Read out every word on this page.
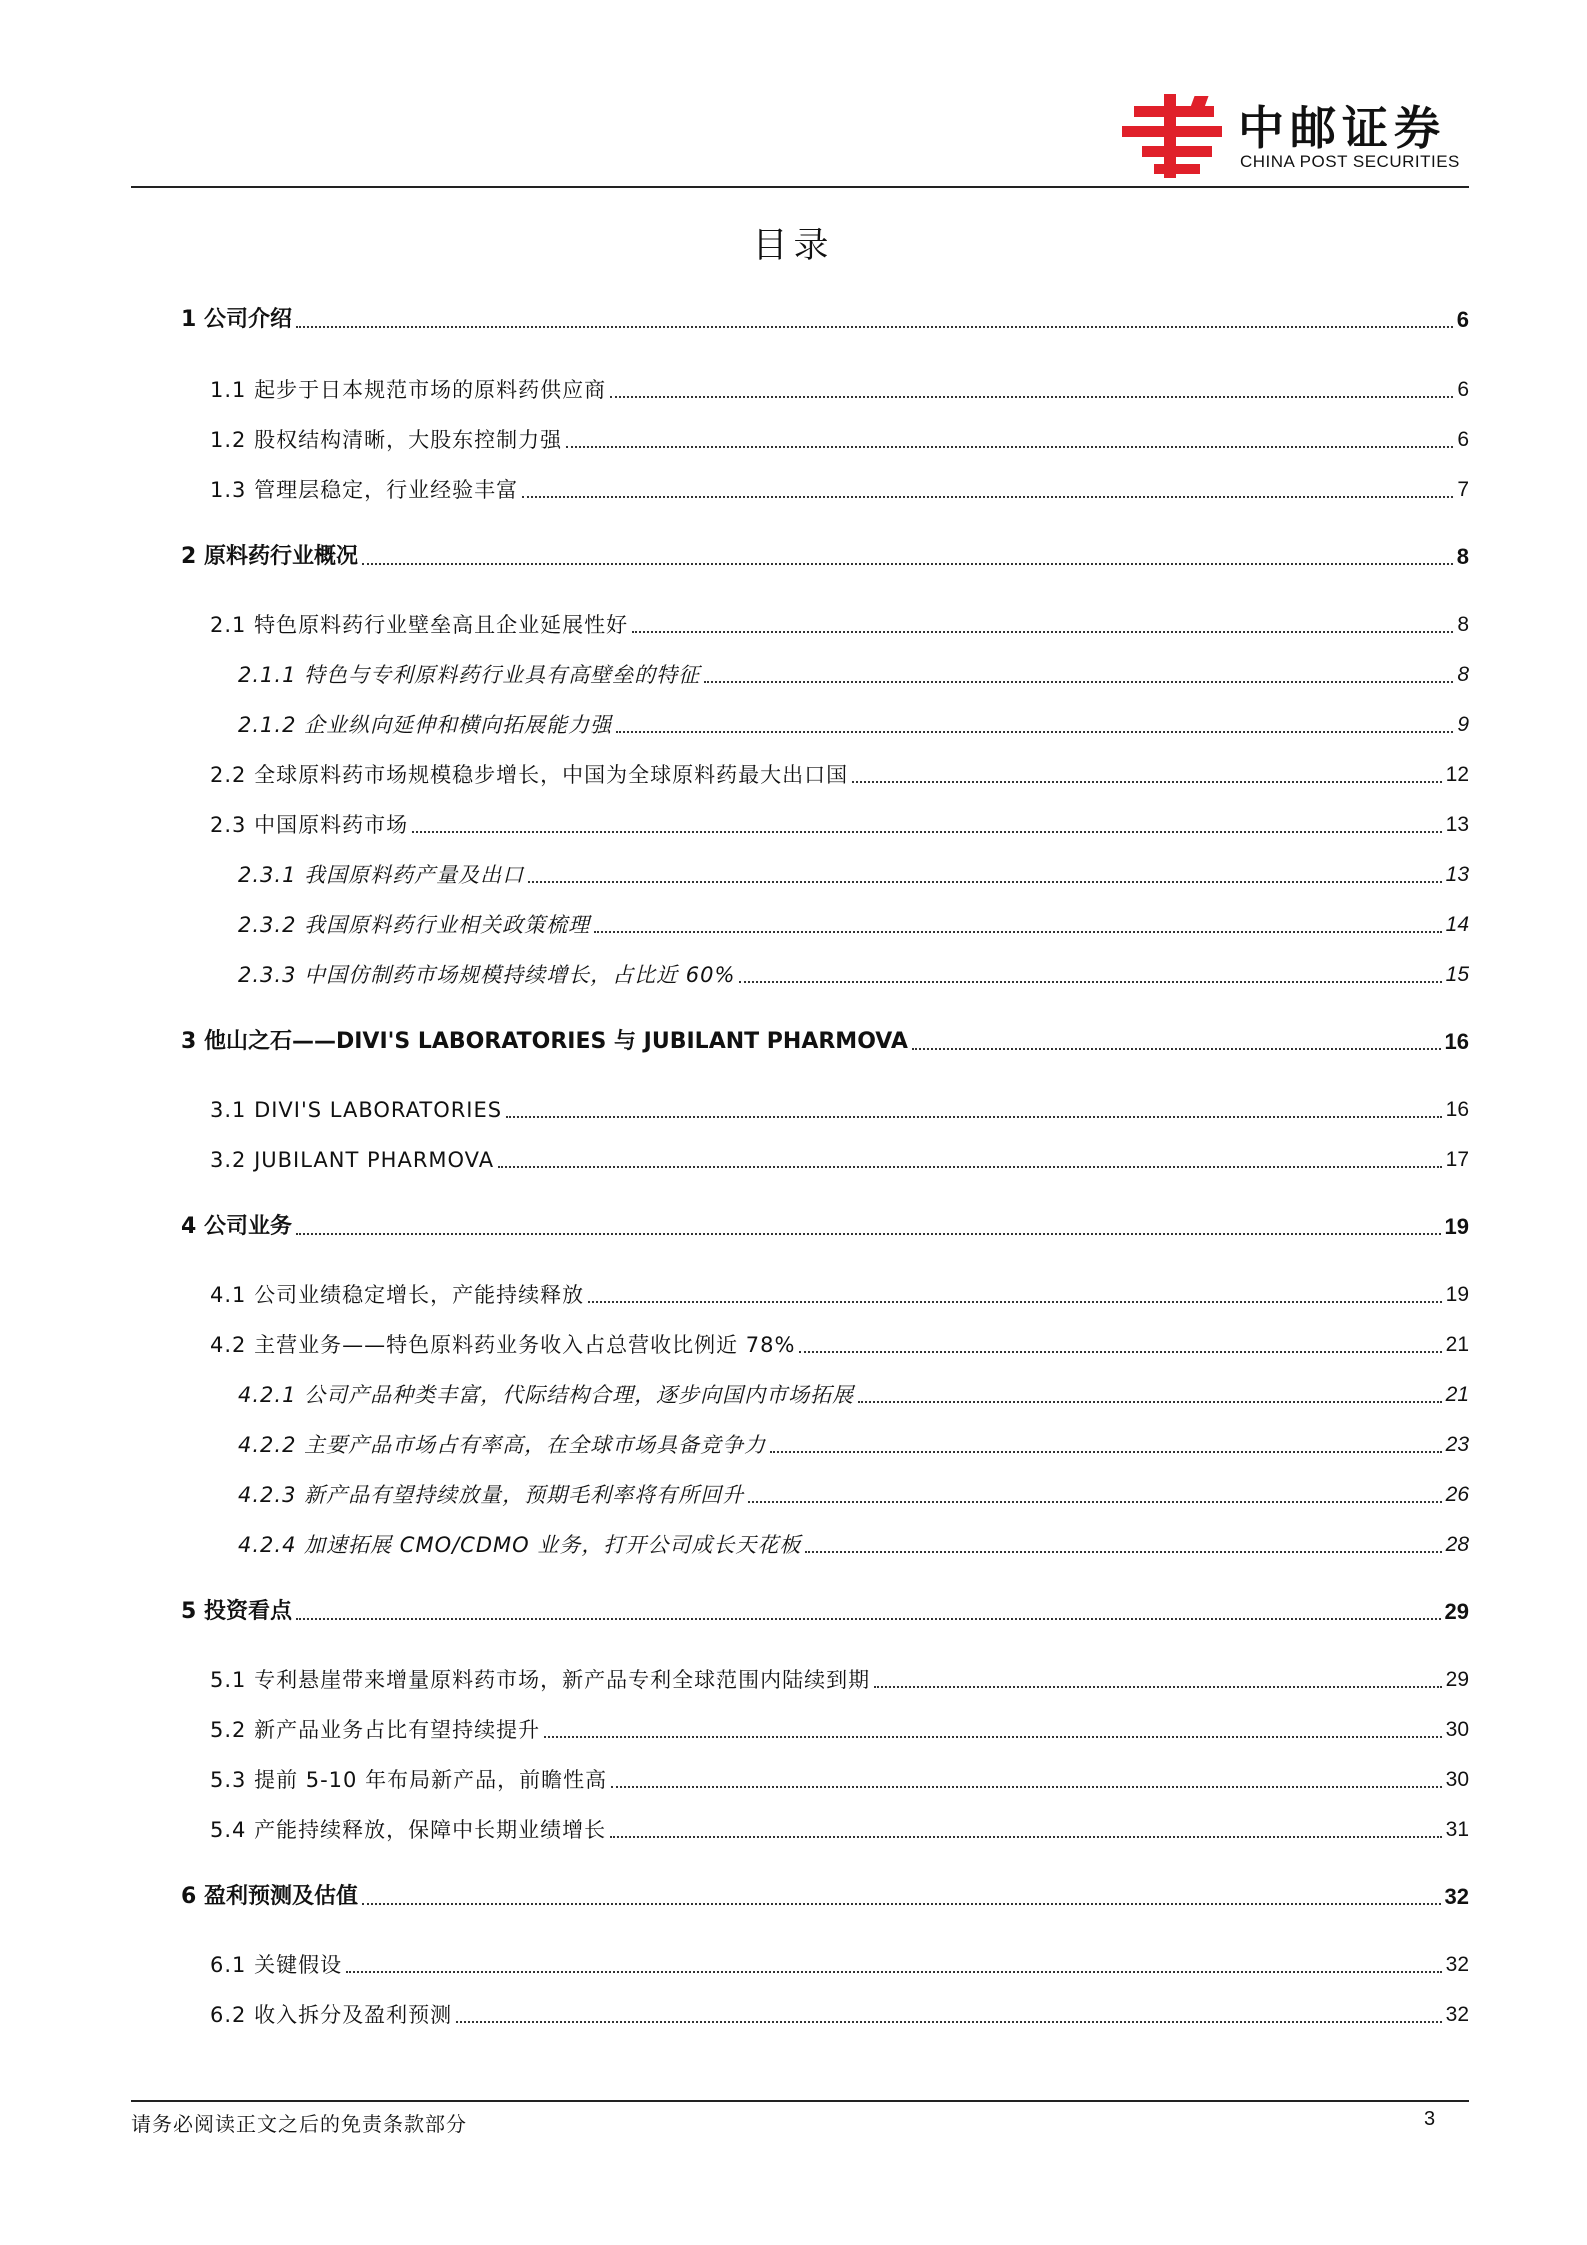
中邮证券
CHINA POST SECURITIES
目录
1 公司介绍	6
1.1 起步于日本规范市场的原料药供应商	6
1.2 股权结构清晰，大股东控制力强	6
1.3 管理层稳定，行业经验丰富	7
2 原料药行业概况	8
2.1 特色原料药行业壁垒高且企业延展性好	8
2.1.1 特色与专利原料药行业具有高壁垒的特征	8
2.1.2 企业纵向延伸和横向拓展能力强	9
2.2 全球原料药市场规模稳步增长，中国为全球原料药最大出口国	12
2.3 中国原料药市场	13
2.3.1 我国原料药产量及出口	13
2.3.2 我国原料药行业相关政策梳理	14
2.3.3 中国仿制药市场规模持续增长，占比近 60%	15
3 他山之石——DIVI'S LABORATORIES 与 JUBILANT PHARMOVA	16
3.1 DIVI'S LABORATORIES	16
3.2 JUBILANT PHARMOVA	17
4 公司业务	19
4.1 公司业绩稳定增长，产能持续释放	19
4.2 主营业务——特色原料药业务收入占总营收比例近 78%	21
4.2.1 公司产品种类丰富，代际结构合理，逐步向国内市场拓展	21
4.2.2 主要产品市场占有率高，在全球市场具备竞争力	23
4.2.3 新产品有望持续放量，预期毛利率将有所回升	26
4.2.4 加速拓展 CMO/CDMO 业务，打开公司成长天花板	28
5 投资看点	29
5.1 专利悬崖带来增量原料药市场，新产品专利全球范围内陆续到期	29
5.2 新产品业务占比有望持续提升	30
5.3 提前 5-10 年布局新产品，前瞻性高	30
5.4 产能持续释放，保障中长期业绩增长	31
6 盈利预测及估值	32
6.1 关键假设	32
6.2 收入拆分及盈利预测	32
请务必阅读正文之后的免责条款部分	3
